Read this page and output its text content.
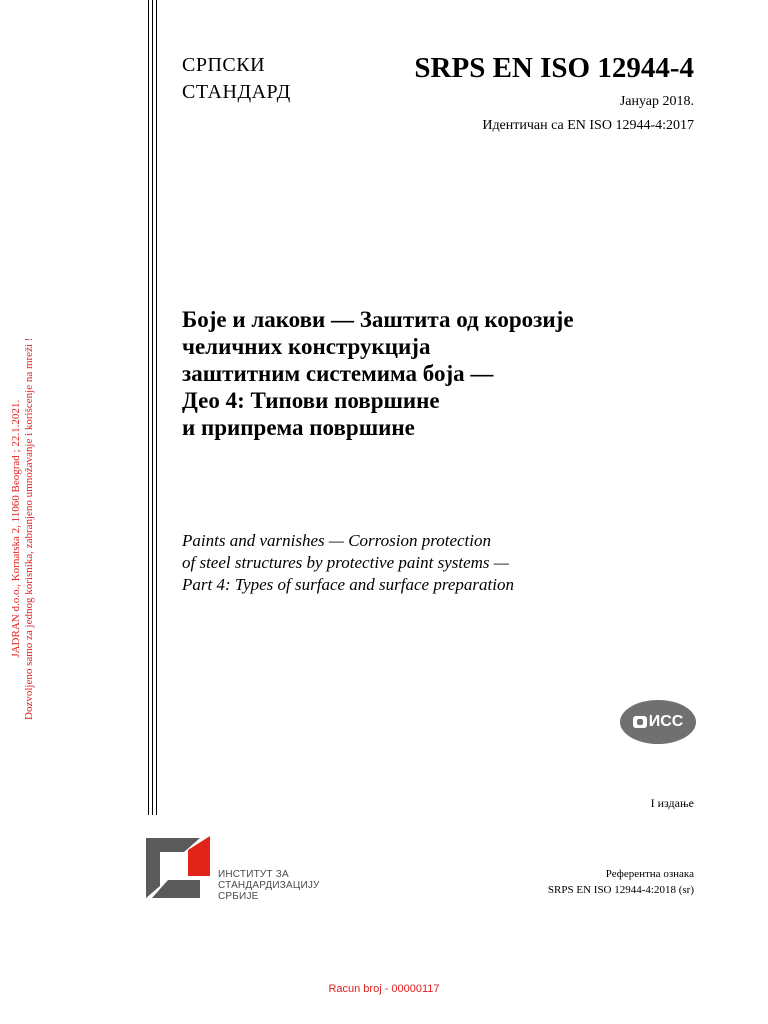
СРПСКИ
СТАНДАРД
SRPS EN ISO 12944-4
Јануар 2018.
Идентичан са EN ISO 12944-4:2017
Боје и лакови — Заштита од корозије
челичних конструкција
заштитним системима боја —
Део 4: Типови површине
и припрема површине
Paints and varnishes — Corrosion protection
of steel structures by protective paint systems —
Part 4: Types of surface and surface preparation
ИСС
I издање
ИНСТИТУТ ЗА
СТАНДАРДИЗАЦИЈУ
СРБИЈЕ
Референтна ознака
SRPS EN ISO 12944-4:2018 (sr)
JADRAN d.o.o., Kornatska 2, 11060 Beograd ; 22.1.2021. Dozvoljeno samo za jednog korisnika, zabranjeno umnožavanje i korišcenje na mreži !
Racun broj - 00000117
